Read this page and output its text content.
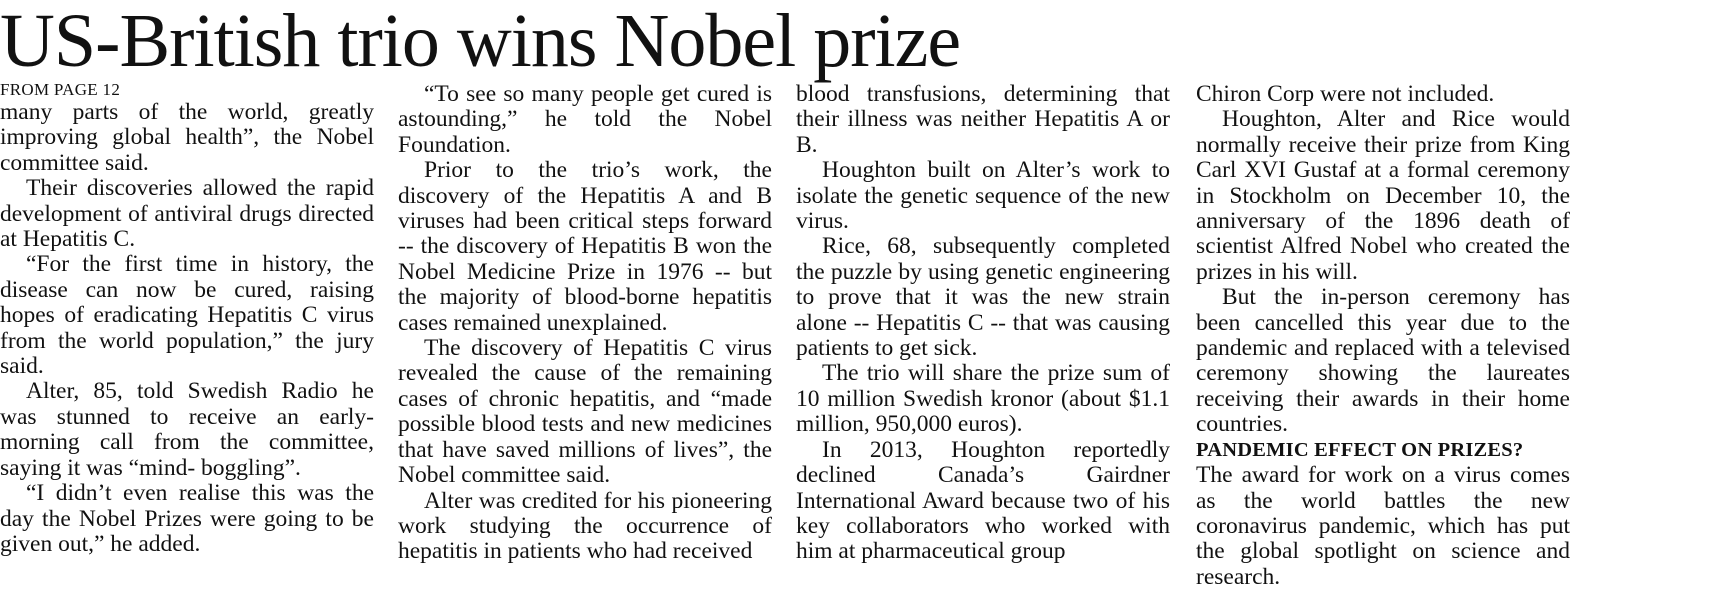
US-British trio wins Nobel prize
FROM PAGE 12

many parts of the world, greatly improving global health”, the Nobel committee said.

Their discoveries allowed the rapid development of antiviral drugs directed at Hepatitis C.

“For the first time in history, the disease can now be cured, raising hopes of eradicating Hepatitis C virus from the world population,” the jury said.

Alter, 85, told Swedish Radio he was stunned to receive an early-morning call from the committee, saying it was “mind- boggling”.

“I didn’t even realise this was the day the Nobel Prizes were going to be given out,” he added.

“To see so many people get cured is astounding,” he told the Nobel Foundation.

Prior to the trio’s work, the discovery of the Hepatitis A and B viruses had been critical steps forward -- the discovery of Hepatitis B won the Nobel Medicine Prize in 1976 -- but the majority of blood-borne hepatitis cases remained unexplained.

The discovery of Hepatitis C virus revealed the cause of the remaining cases of chronic hepatitis, and “made possible blood tests and new medicines that have saved millions of lives”, the Nobel committee said.

Alter was credited for his pioneering work studying the occurrence of hepatitis in patients who had received

blood transfusions, determining that their illness was neither Hepatitis A or B.

Houghton built on Alter’s work to isolate the genetic sequence of the new virus.

Rice, 68, subsequently completed the puzzle by using genetic engineering to prove that it was the new strain alone -- Hepatitis C -- that was causing patients to get sick.

The trio will share the prize sum of 10 million Swedish kronor (about $1.1 million, 950,000 euros).

In 2013, Houghton reportedly declined Canada’s Gairdner International Award because two of his key collaborators who worked with him at pharmaceutical group

Chiron Corp were not included.

Houghton, Alter and Rice would normally receive their prize from King Carl XVI Gustaf at a formal ceremony in Stockholm on December 10, the anniversary of the 1896 death of scientist Alfred Nobel who created the prizes in his will.

But the in-person ceremony has been cancelled this year due to the pandemic and replaced with a televised ceremony showing the laureates receiving their awards in their home countries.

PANDEMIC EFFECT ON PRIZES?

The award for work on a virus comes as the world battles the new coronavirus pandemic, which has put the global spotlight on science and research.
